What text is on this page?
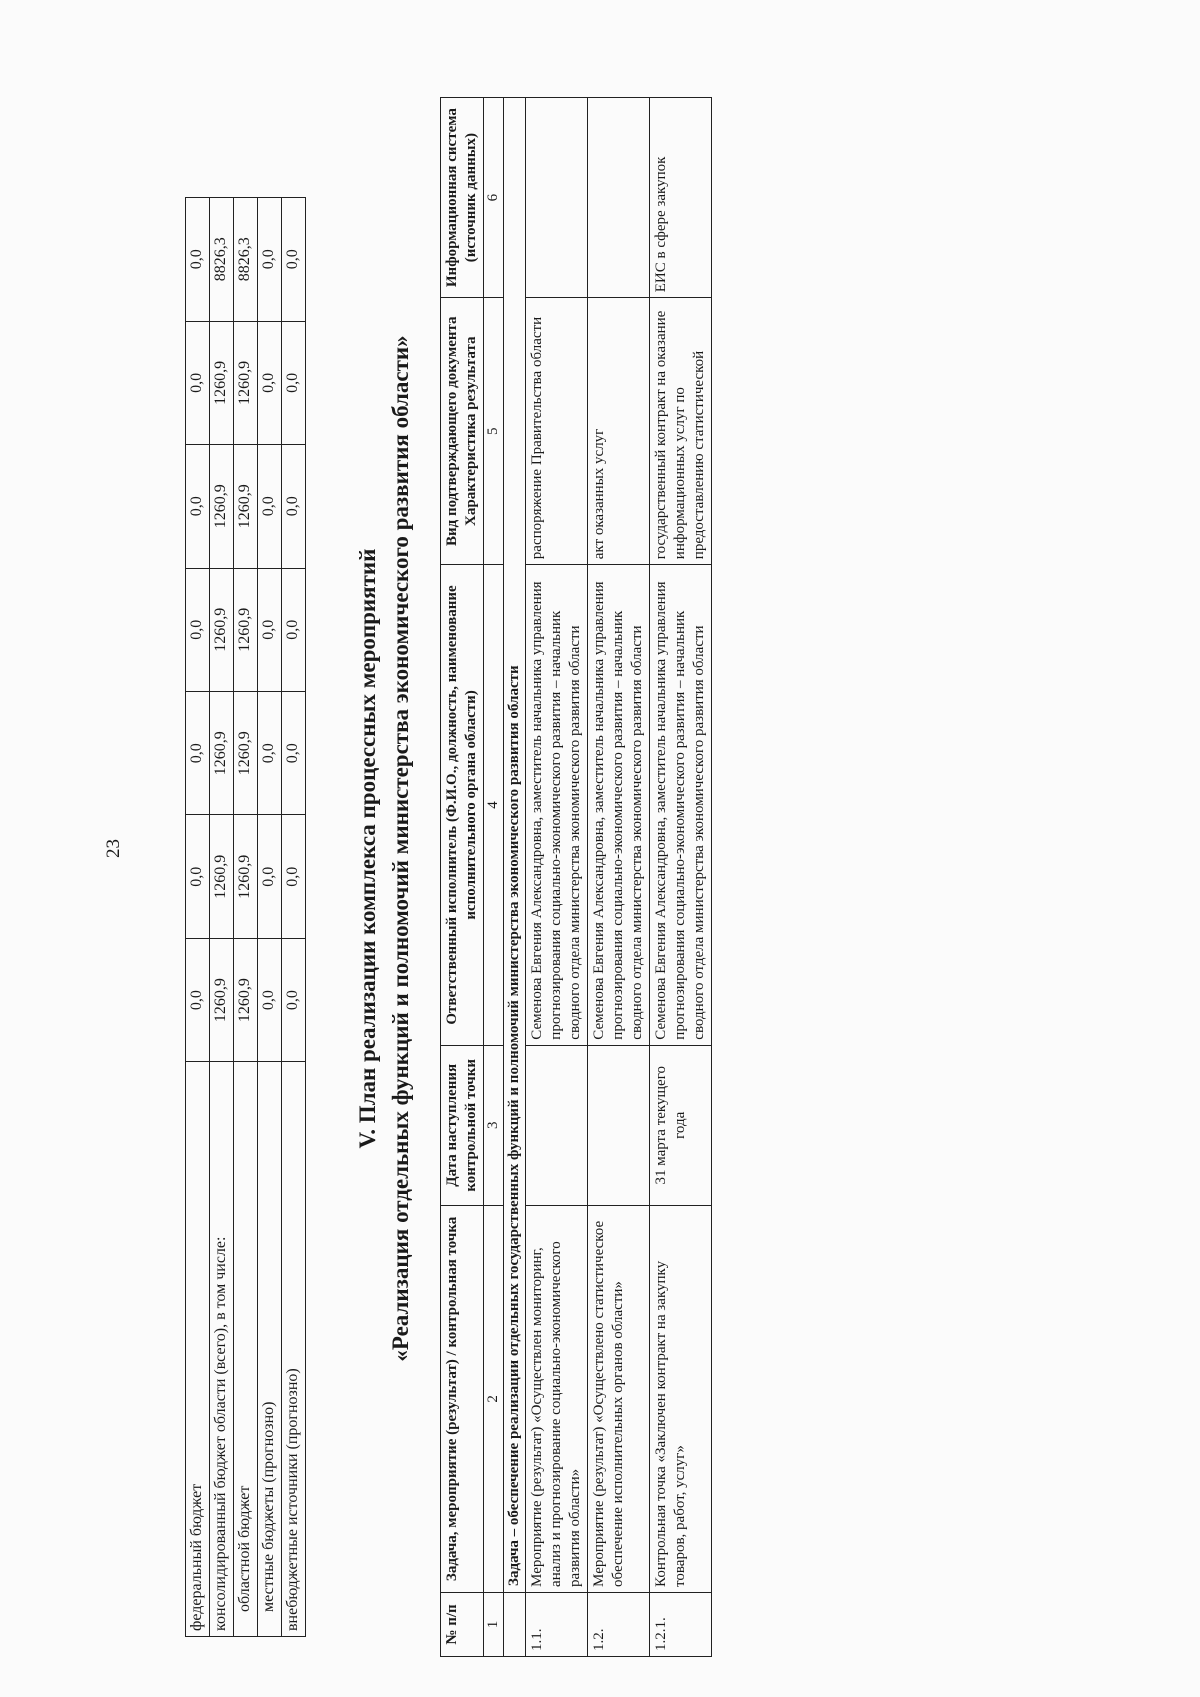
23
федеральный бюджет	0,0	0,0	0,0	0,0	0,0	0,0	0,0
консолидированный бюджет области (всего), в том числе:	1260,9	1260,9	1260,9	1260,9	1260,9	1260,9	8826,3
областной бюджет	1260,9	1260,9	1260,9	1260,9	1260,9	1260,9	8826,3
местные бюджеты (прогнозно)	0,0	0,0	0,0	0,0	0,0	0,0	0,0
внебюджетные источники (прогнозно)	0,0	0,0	0,0	0,0	0,0	0,0	0,0
V. План реализации комплекса процессных мероприятий «Реализация отдельных функций и полномочий министерства экономического развития области»
№ п/п	Задача, мероприятие (результат) / контрольная точка	Дата наступления контрольной точки	Ответственный исполнитель (Ф.И.О., должность, наименование исполнительного органа области)	Вид подтверждающего документа Характеристика результата	Информационная система (источник данных)
1	2	3	4	5	6
	Задача – обеспечение реализации отдельных государственных функций и полномочий министерства экономического развития области				
1.1.	Мероприятие (результат) «Осуществлен мониторинг, анализ и прогнозирование социально-экономического развития области»		Семенова Евгения Александровна, заместитель начальника управления прогнозирования социально-экономического развития – начальник сводного отдела министерства экономического развития области	распоряжение Правительства области	
1.2.	Мероприятие (результат) «Осуществлено статистическое обеспечение исполнительных органов области»		Семенова Евгения Александровна, заместитель начальника управления прогнозирования социально-экономического развития – начальник сводного отдела министерства экономического развития области	акт оказанных услуг	
1.2.1.	Контрольная точка «Заключен контракт на закупку товаров, работ, услуг»	31 марта текущего года	Семенова Евгения Александровна, заместитель начальника управления прогнозирования социально-экономического развития – начальник сводного отдела министерства экономического развития области	государственный контракт на оказание информационных услуг по предоставлению статистической	ЕИС в сфере закупок
